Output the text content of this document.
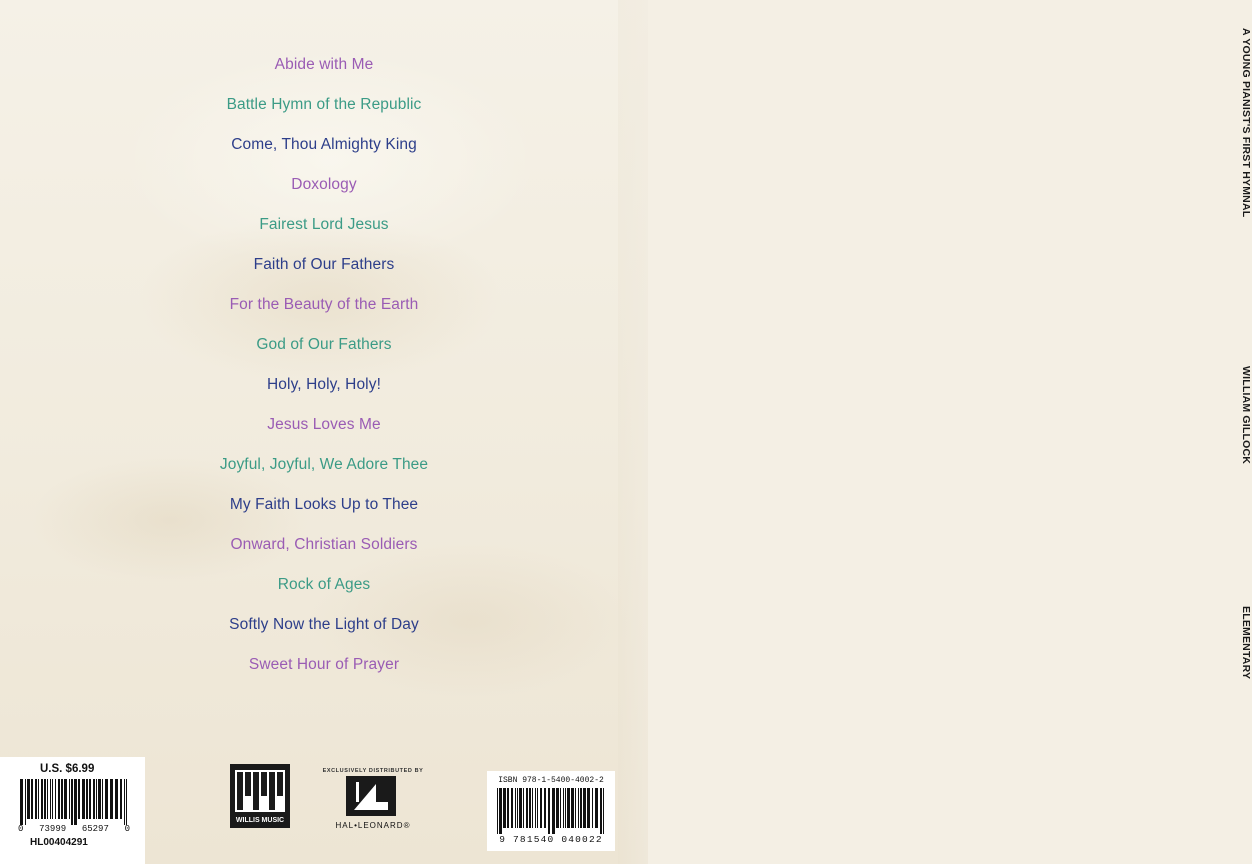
A YOUNG PIANIST'S FIRST HYMNAL
WILLIAM GILLOCK
ELEMENTARY
Abide with Me
Battle Hymn of the Republic
Come, Thou Almighty King
Doxology
Fairest Lord Jesus
Faith of Our Fathers
For the Beauty of the Earth
God of Our Fathers
Holy, Holy, Holy!
Jesus Loves Me
Joyful, Joyful, We Adore Thee
My Faith Looks Up to Thee
Onward, Christian Soldiers
Rock of Ages
Softly Now the Light of Day
Sweet Hour of Prayer
U.S. $6.99
0 73999 65297 0
HL00404291
WILLIS MUSIC
EXCLUSIVELY DISTRIBUTED BY
HAL•LEONARD®
ISBN 978-1-5400-4002-2
9 781540 040022
